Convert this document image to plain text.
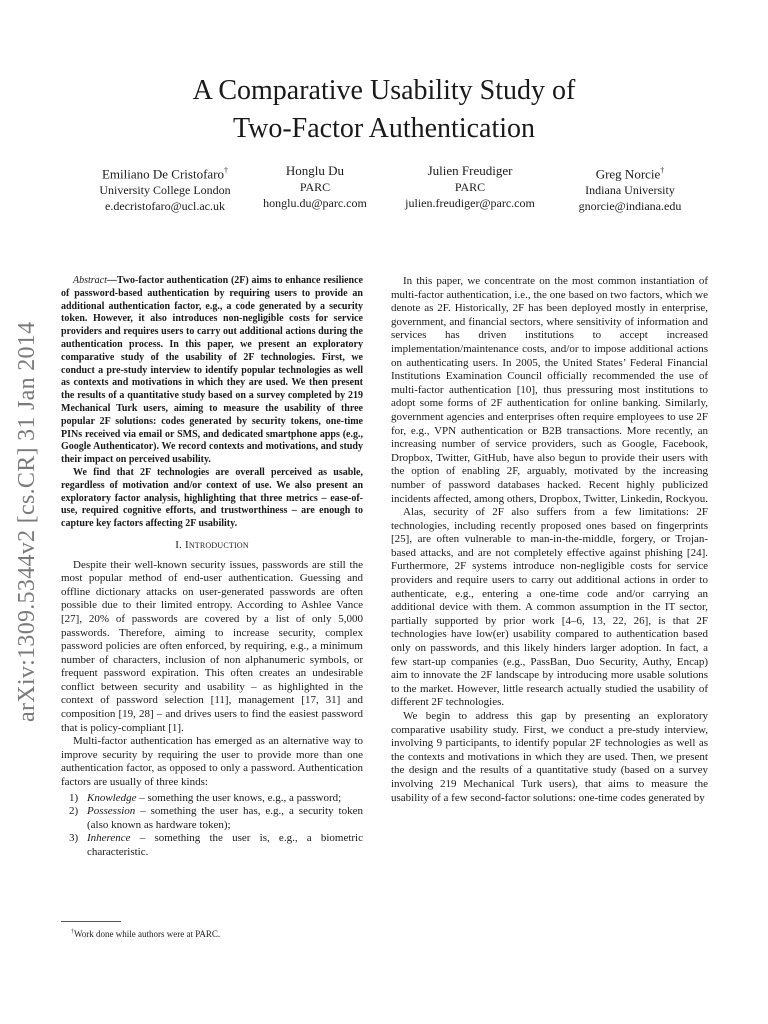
arXiv:1309.5344v2 [cs.CR] 31 Jan 2014
A Comparative Usability Study of
Two-Factor Authentication
Emiliano De Cristofaro†
University College London
e.decristofaro@ucl.ac.uk
Honglu Du
PARC
honglu.du@parc.com
Julien Freudiger
PARC
julien.freudiger@parc.com
Greg Norcie†
Indiana University
gnorcie@indiana.edu

Abstract—Two-factor authentication (2F) aims to enhance resilience of password-based authentication by requiring users to provide an additional authentication factor, e.g., a code generated by a security token. However, it also introduces non-negligible costs for service providers and requires users to carry out additional actions during the authentication process. In this paper, we present an exploratory comparative study of the usability of 2F technologies. First, we conduct a pre-study interview to identify popular technologies as well as contexts and motivations in which they are used. We then present the results of a quantitative study based on a survey completed by 219 Mechanical Turk users, aiming to measure the usability of three popular 2F solutions: codes generated by security tokens, one-time PINs received via email or SMS, and dedicated smartphone apps (e.g., Google Authenticator). We record contexts and motivations, and study their impact on perceived usability.

We find that 2F technologies are overall perceived as usable, regardless of motivation and/or context of use. We also present an exploratory factor analysis, highlighting that three metrics – ease-of-use, required cognitive efforts, and trustworthiness – are enough to capture key factors affecting 2F usability.

I. Introduction

Despite their well-known security issues, passwords are still the most popular method of end-user authentication. Guessing and offline dictionary attacks on user-generated passwords are often possible due to their limited entropy. According to Ashlee Vance [27], 20% of passwords are covered by a list of only 5,000 passwords. Therefore, aiming to increase security, complex password policies are often enforced, by requiring, e.g., a minimum number of characters, inclusion of non alphanumeric symbols, or frequent password expiration. This often creates an undesirable conflict between security and usability – as highlighted in the context of password selection [11], management [17, 31] and composition [19, 28] – and drives users to find the easiest password that is policy-compliant [1].

Multi-factor authentication has emerged as an alternative way to improve security by requiring the user to provide more than one authentication factor, as opposed to only a password. Authentication factors are usually of three kinds:

1) Knowledge – something the user knows, e.g., a password;
2) Possession – something the user has, e.g., a security token (also known as hardware token);
3) Inherence – something the user is, e.g., a biometric characteristic.
†Work done while authors were at PARC.

In this paper, we concentrate on the most common instantiation of multi-factor authentication, i.e., the one based on two factors, which we denote as 2F. Historically, 2F has been deployed mostly in enterprise, government, and financial sectors, where sensitivity of information and services has driven institutions to accept increased implementation/maintenance costs, and/or to impose additional actions on authenticating users. In 2005, the United States’ Federal Financial Institutions Examination Council officially recommended the use of multi-factor authentication [10], thus pressuring most institutions to adopt some forms of 2F authentication for online banking. Similarly, government agencies and enterprises often require employees to use 2F for, e.g., VPN authentication or B2B transactions. More recently, an increasing number of service providers, such as Google, Facebook, Dropbox, Twitter, GitHub, have also begun to provide their users with the option of enabling 2F, arguably, motivated by the increasing number of password databases hacked. Recent highly publicized incidents affected, among others, Dropbox, Twitter, Linkedin, Rockyou.

Alas, security of 2F also suffers from a few limitations: 2F technologies, including recently proposed ones based on fingerprints [25], are often vulnerable to man-in-the-middle, forgery, or Trojan-based attacks, and are not completely effective against phishing [24]. Furthermore, 2F systems introduce non-negligible costs for service providers and require users to carry out additional actions in order to authenticate, e.g., entering a one-time code and/or carrying an additional device with them. A common assumption in the IT sector, partially supported by prior work [4–6, 13, 22, 26], is that 2F technologies have low(er) usability compared to authentication based only on passwords, and this likely hinders larger adoption. In fact, a few start-up companies (e.g., PassBan, Duo Security, Authy, Encap) aim to innovate the 2F landscape by introducing more usable solutions to the market. However, little research actually studied the usability of different 2F technologies.

We begin to address this gap by presenting an exploratory comparative usability study. First, we conduct a pre-study interview, involving 9 participants, to identify popular 2F technologies as well as the contexts and motivations in which they are used. Then, we present the design and the results of a quantitative study (based on a survey involving 219 Mechanical Turk users), that aims to measure the usability of a few second-factor solutions: one-time codes generated by
